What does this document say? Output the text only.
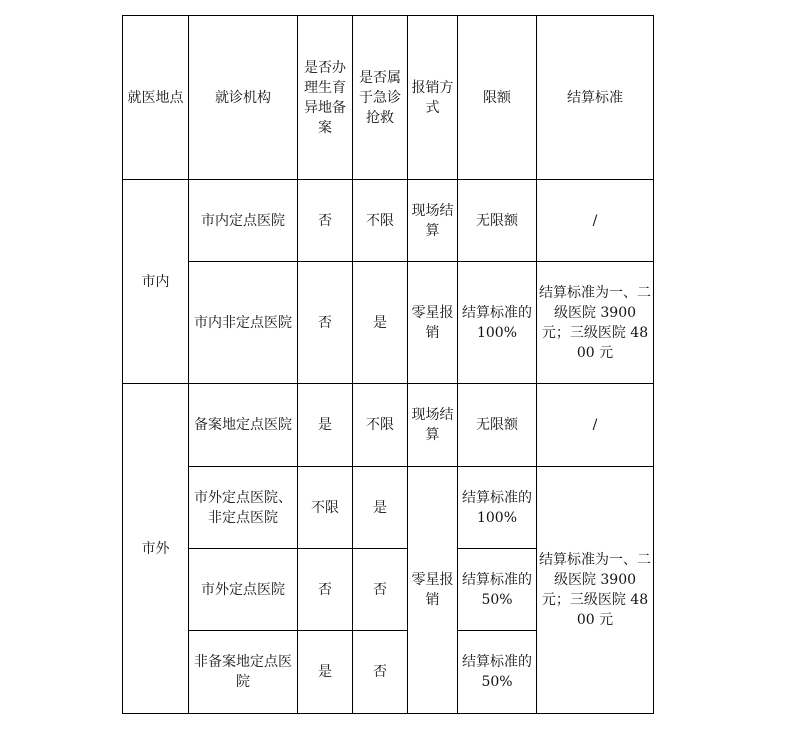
就医地点	就诊机构	是否办理生育异地备案	是否属于急诊抢救	报销方式	限额	结算标准
市内	市内定点医院	否	不限	现场结算	无限额	/
	市内非定点医院	否	是	零星报销	结算标准的100%	结算标准为一、二级医院 3900 元；三级医院 4800 元
市外	备案地定点医院	是	不限	现场结算	无限额	/
	市外定点医院、非定点医院	不限	是	零星报销	结算标准的100%	结算标准为一、二级医院 3900 元；三级医院 4800 元
	市外定点医院	否	否		结算标准的50%	
	非备案地定点医院	是	否		结算标准的50%	
